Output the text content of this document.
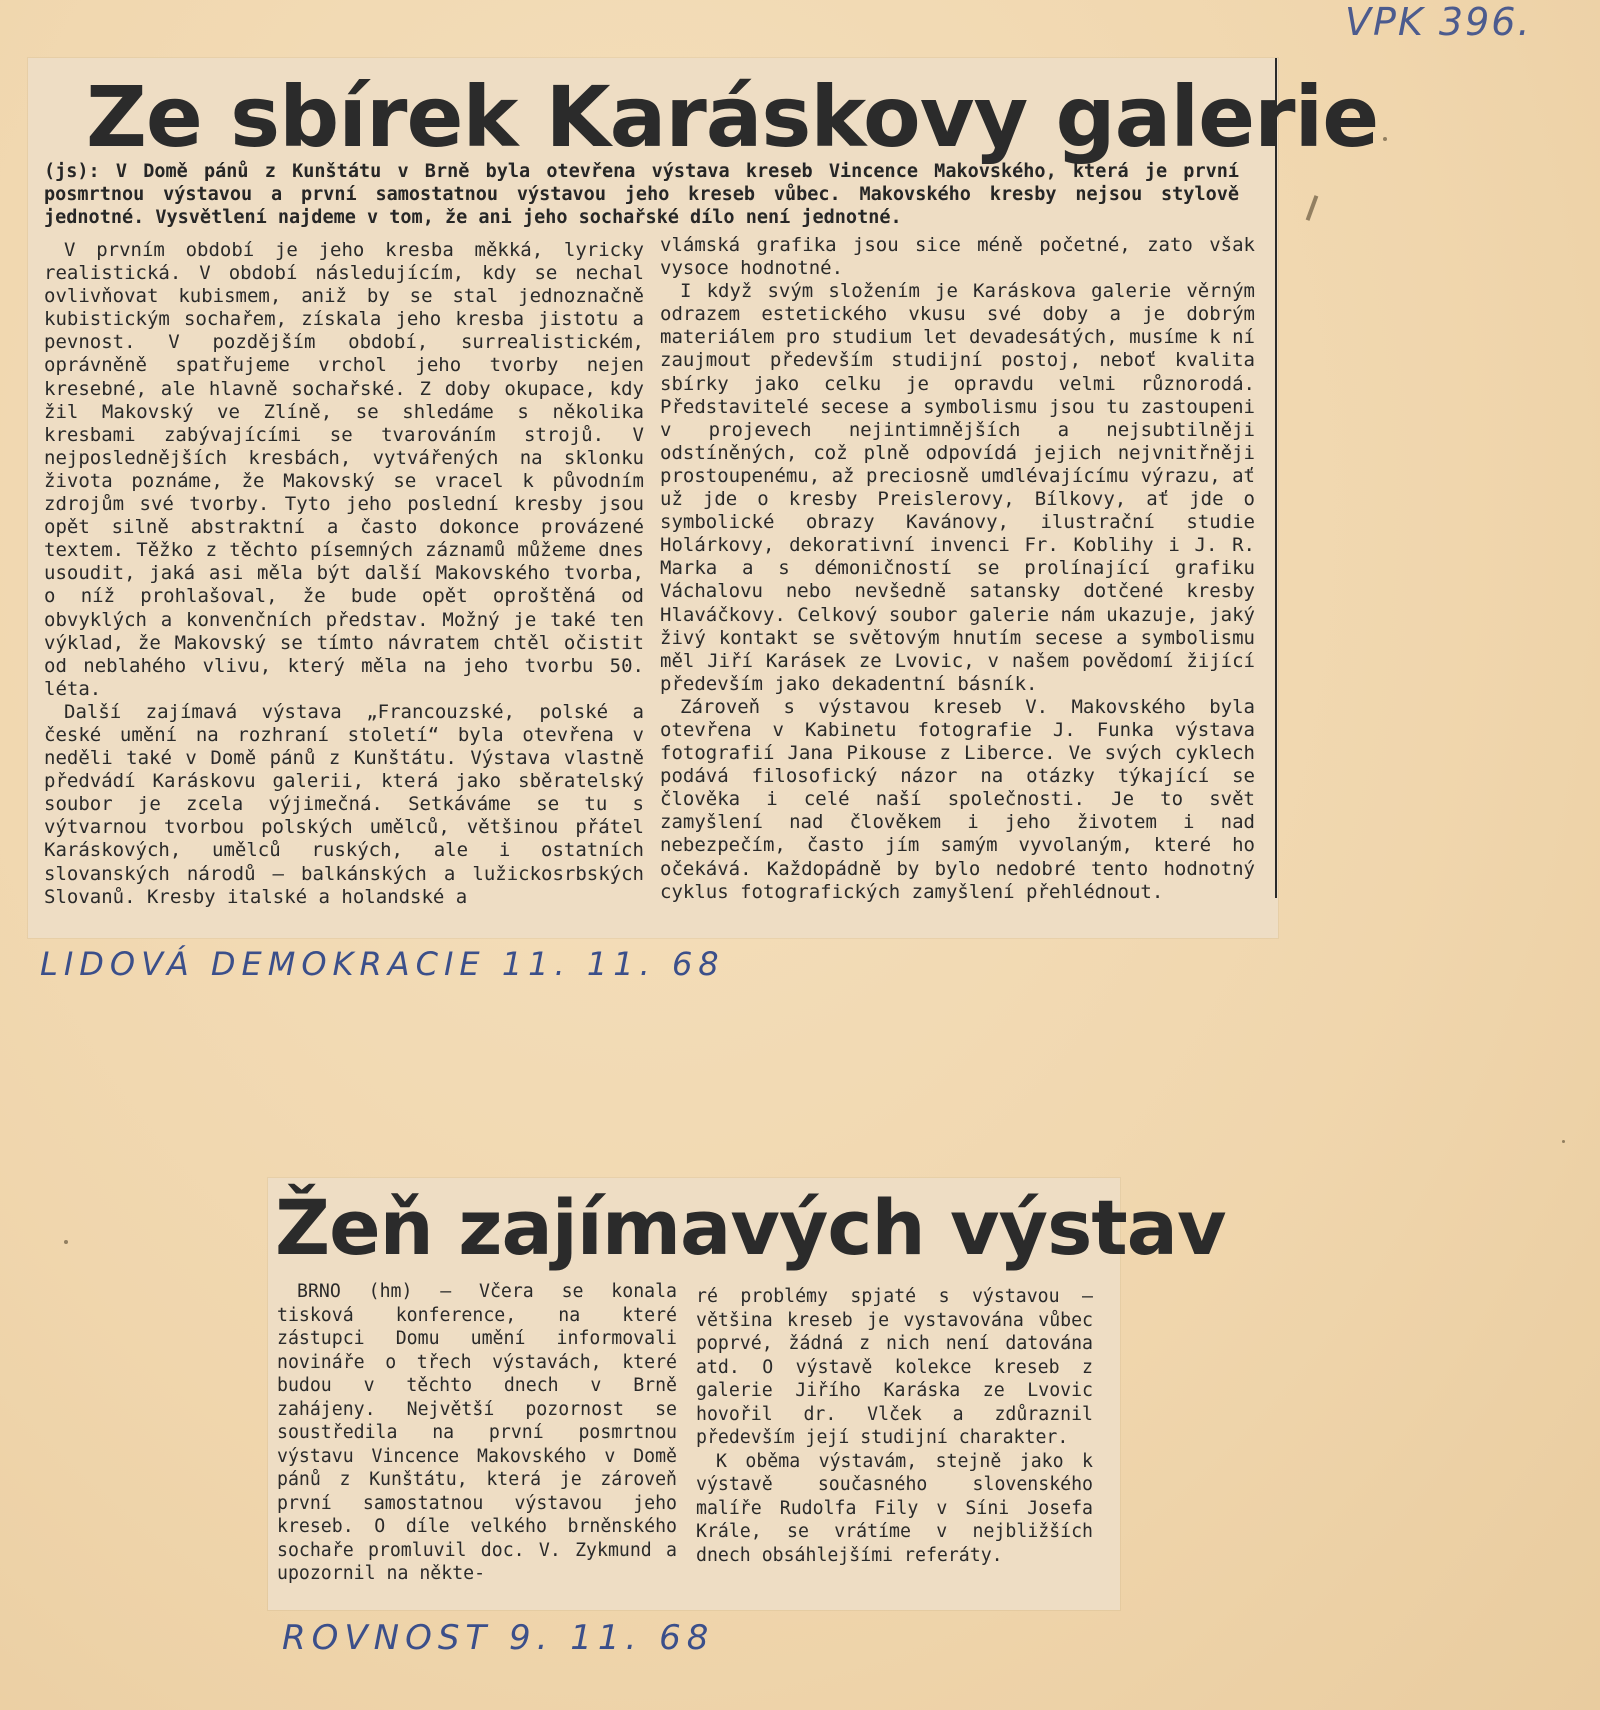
VPK 396.
Ze sbírek Karáskovy galerie

(js): V Domě pánů z Kunštátu v Brně byla otevřena výstava kreseb Vincence Makovského, která je první posmrtnou výstavou a první samostatnou výstavou jeho kreseb vůbec. Makovského kresby nejsou stylově jednotné. Vysvětlení najdeme v tom, že ani jeho sochařské dílo není jednotné.

V prvním období je jeho kresba měkká, lyricky realistická. V období následujícím, kdy se nechal ovlivňovat kubismem, aniž by se stal jednoznačně kubistickým sochařem, získala jeho kresba jistotu a pevnost. V pozdějším období, surrealistickém, oprávněně spatřujeme vrchol jeho tvorby nejen kresebné, ale hlavně sochařské. Z doby okupace, kdy žil Makovský ve Zlíně, se shledáme s několika kresbami zabývajícími se tvarováním strojů. V nejposlednějších kresbách, vytvářených na sklonku života poznáme, že Makovský se vracel k původním zdrojům své tvorby. Tyto jeho poslední kresby jsou opět silně abstraktní a často dokonce provázené textem. Těžko z těchto písemných záznamů můžeme dnes usoudit, jaká asi měla být další Makovského tvorba, o níž prohlašoval, že bude opět oproštěná od obvyklých a konvenčních představ. Možný je také ten výklad, že Makovský se tímto návratem chtěl očistit od neblahého vlivu, který měla na jeho tvorbu 50. léta.

Další zajímavá výstava „Francouzské, polské a české umění na rozhraní století“ byla otevřena v neděli také v Domě pánů z Kunštátu. Výstava vlastně předvádí Karáskovu galerii, která jako sběratelský soubor je zcela výjimečná. Setkáváme se tu s výtvarnou tvorbou polských umělců, většinou přátel Karáskových, umělců ruských, ale i ostatních slovanských národů — balkánských a lužickosrbských Slovanů. Kresby italské a holandské a

vlámská grafika jsou sice méně početné, zato však vysoce hodnotné.

I když svým složením je Karáskova galerie věrným odrazem estetického vkusu své doby a je dobrým materiálem pro studium let devadesátých, musíme k ní zaujmout především studijní postoj, neboť kvalita sbírky jako celku je opravdu velmi různorodá. Představitelé secese a symbolismu jsou tu zastoupeni v projevech nejintimnějších a nejsubtilněji odstíněných, což plně odpovídá jejich nejvnitřněji prostoupenému, až preciosně umdlévajícímu výrazu, ať už jde o kresby Preislerovy, Bílkovy, ať jde o symbolické obrazy Kavánovy, ilustrační studie Holárkovy, dekorativní invenci Fr. Koblihy i J. R. Marka a s démoničností se prolínající grafiku Váchalovu nebo nevšedně satansky dotčené kresby Hlaváčkovy. Celkový soubor galerie nám ukazuje, jaký živý kontakt se světovým hnutím secese a symbolismu měl Jiří Karásek ze Lvovic, v našem povědomí žijící především jako dekadentní básník.

Zároveň s výstavou kreseb V. Makovského byla otevřena v Kabinetu fotografie J. Funka výstava fotografií Jana Pikouse z Liberce. Ve svých cyklech podává filosofický názor na otázky týkající se člověka i celé naší společnosti. Je to svět zamyšlení nad člověkem i jeho životem i nad nebezpečím, často jím samým vyvolaným, které ho očekává. Každopádně by bylo nedobré tento hodnotný cyklus fotografických zamyšlení přehlédnout.

LIDOVÁ DEMOKRACIE 11. 11. 68
Žeň zajímavých výstav

BRNO (hm) — Včera se konala tisková konference, na které zástupci Domu umění informovali novináře o třech výstavách, které budou v těchto dnech v Brně zahájeny. Největší pozornost se soustředila na první posmrtnou výstavu Vincence Makovského v Domě pánů z Kunštátu, která je zároveň první samostatnou výstavou jeho kreseb. O díle velkého brněnského sochaře promluvil doc. V. Zykmund a upozornil na někte-

ré problémy spjaté s výstavou — většina kreseb je vystavována vůbec poprvé, žádná z nich není datována atd. O výstavě kolekce kreseb z galerie Jiřího Karáska ze Lvovic hovořil dr. Vlček a zdůraznil především její studijní charakter.

K oběma výstavám, stejně jako k výstavě současného slovenského malíře Rudolfa Fily v Síni Josefa Krále, se vrátíme v nejbližších dnech obsáhlejšími referáty.

ROVNOST 9. 11. 68
